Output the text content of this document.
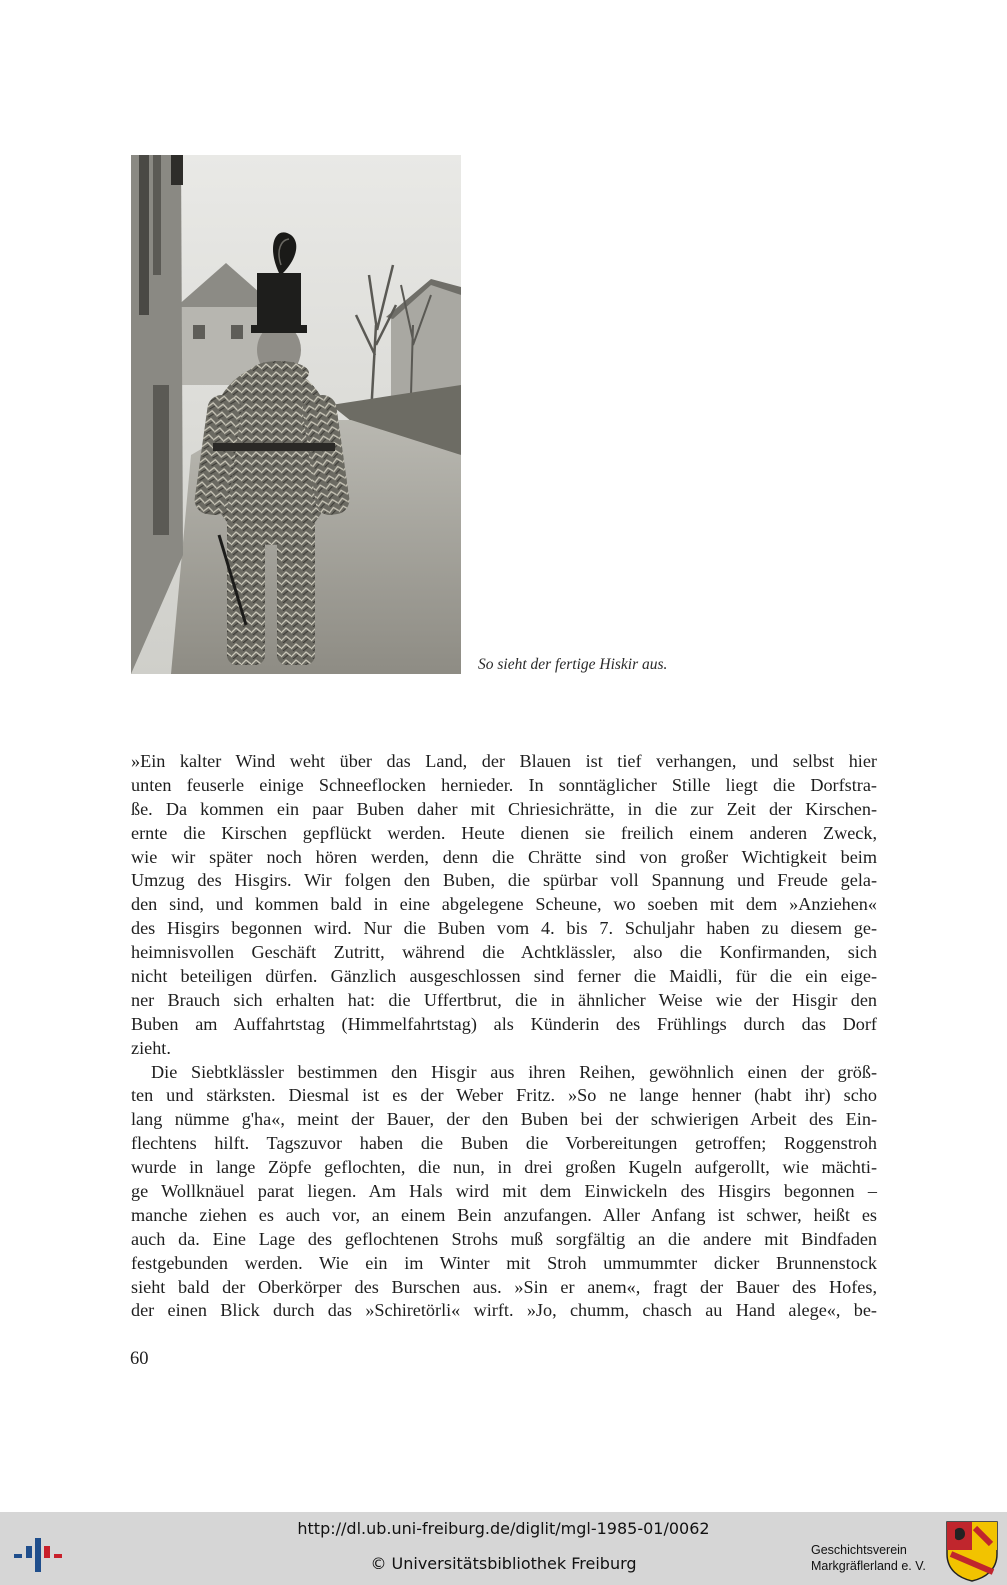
So sieht der fertige Hiskir aus.
»Ein kalter Wind weht über das Land, der Blauen ist tief verhangen, und selbst hier
unten feuserle einige Schneeflocken hernieder. In sonntäglicher Stille liegt die Dorfstra-
ße. Da kommen ein paar Buben daher mit Chriesichrätte, in die zur Zeit der Kirschen-
ernte die Kirschen gepflückt werden. Heute dienen sie freilich einem anderen Zweck,
wie wir später noch hören werden, denn die Chrätte sind von großer Wichtigkeit beim
Umzug des Hisgirs. Wir folgen den Buben, die spürbar voll Spannung und Freude gela-
den sind, und kommen bald in eine abgelegene Scheune, wo soeben mit dem »Anziehen«
des Hisgirs begonnen wird. Nur die Buben vom 4. bis 7. Schuljahr haben zu diesem ge-
heimnisvollen Geschäft Zutritt, während die Achtklässler, also die Konfirmanden, sich
nicht beteiligen dürfen. Gänzlich ausgeschlossen sind ferner die Maidli, für die ein eige-
ner Brauch sich erhalten hat: die Uffertbrut, die in ähnlicher Weise wie der Hisgir den
Buben am Auffahrtstag (Himmelfahrtstag) als Künderin des Frühlings durch das Dorf
zieht.
Die Siebtklässler bestimmen den Hisgir aus ihren Reihen, gewöhnlich einen der größ-
ten und stärksten. Diesmal ist es der Weber Fritz. »So ne lange henner (habt ihr) scho
lang nümme g'ha«, meint der Bauer, der den Buben bei der schwierigen Arbeit des Ein-
flechtens hilft. Tagszuvor haben die Buben die Vorbereitungen getroffen; Roggenstroh
wurde in lange Zöpfe geflochten, die nun, in drei großen Kugeln aufgerollt, wie mächti-
ge Wollknäuel parat liegen. Am Hals wird mit dem Einwickeln des Hisgirs begonnen –
manche ziehen es auch vor, an einem Bein anzufangen. Aller Anfang ist schwer, heißt es
auch da. Eine Lage des geflochtenen Strohs muß sorgfältig an die andere mit Bindfaden
festgebunden werden. Wie ein im Winter mit Stroh ummummter dicker Brunnenstock
sieht bald der Oberkörper des Burschen aus. »Sin er anem«, fragt der Bauer des Hofes,
der einen Blick durch das »Schiretörli« wirft. »Jo, chumm, chasch au Hand alege«, be-
60
http://dl.ub.uni-freiburg.de/diglit/mgl-1985-01/0062
© Universitätsbibliothek Freiburg
Geschichtsverein
Markgräflerland e. V.
